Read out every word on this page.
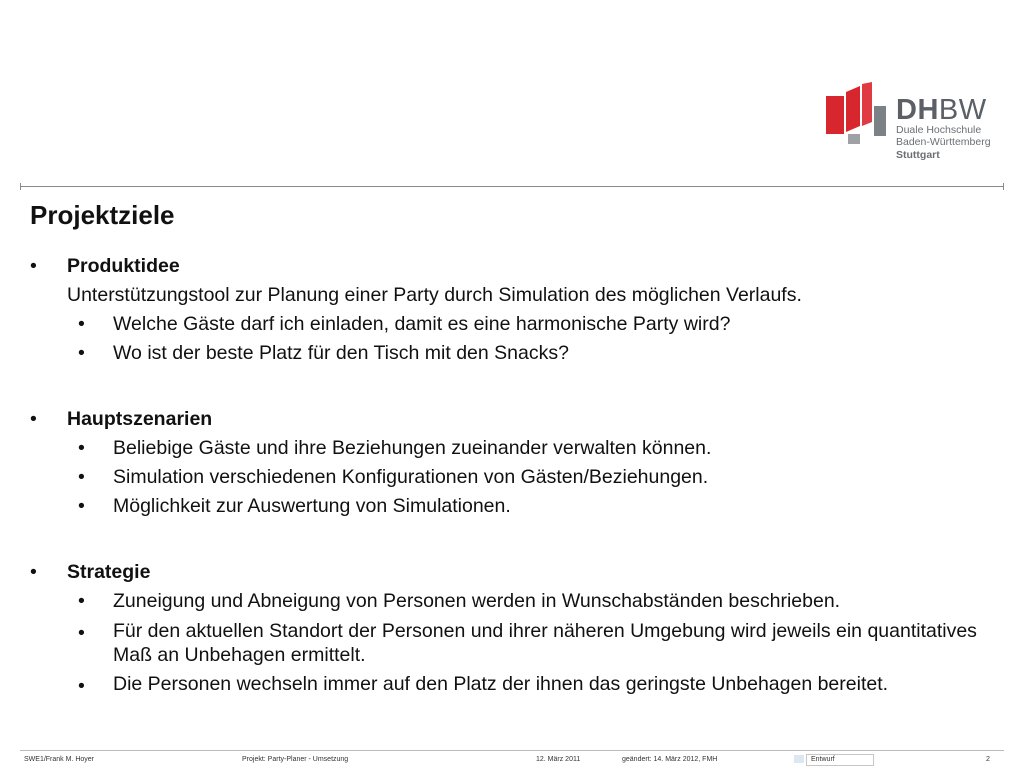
DHBW
Duale Hochschule
Baden-Württemberg
Stuttgart
Projektziele
• Produktidee
Unterstützungstool zur Planung einer Party durch Simulation des möglichen Verlaufs.
• Welche Gäste darf ich einladen, damit es eine harmonische Party wird?
• Wo ist der beste Platz für den Tisch mit den Snacks?
• Hauptszenarien
• Beliebige Gäste und ihre Beziehungen zueinander verwalten können.
• Simulation verschiedenen Konfigurationen von Gästen/Beziehungen.
• Möglichkeit zur Auswertung von Simulationen.
• Strategie
• Zuneigung und Abneigung von Personen werden in Wunschabständen beschrieben.
• Für den aktuellen Standort der Personen und ihrer näheren Umgebung wird jeweils ein quantitatives Maß an Unbehagen ermittelt.
• Die Personen wechseln immer auf den Platz der ihnen das geringste Unbehagen bereitet.
SWE1/Frank M. Hoyer	Projekt: Party-Planer - Umsetzung	12. März 2011	geändert: 14. März 2012, FMH	Entwurf	2
